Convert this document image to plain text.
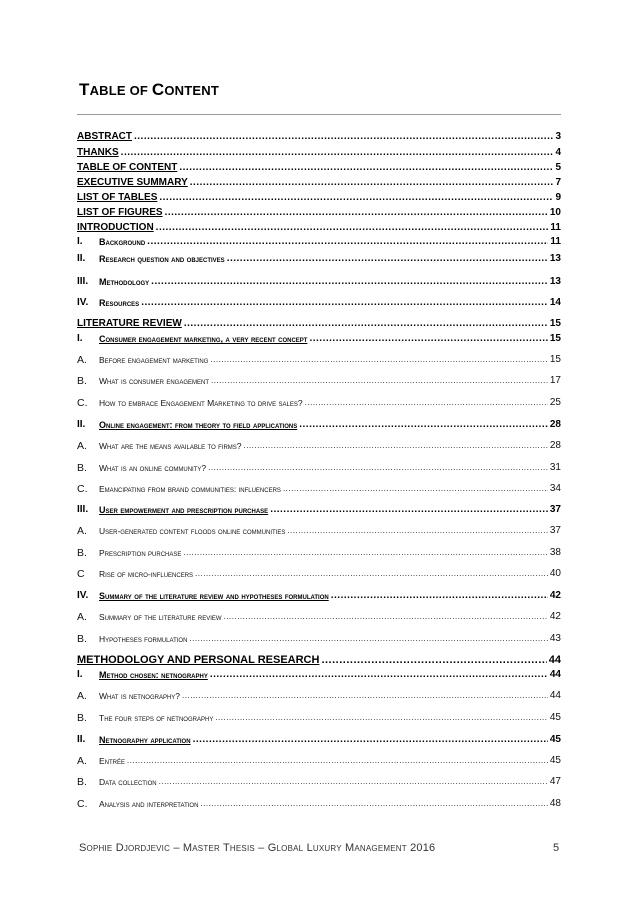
TABLE OF CONTENT
ABSTRACT .....	3
THANKS .....	4
TABLE OF CONTENT .....	5
EXECUTIVE SUMMARY .....	7
LIST OF TABLES .....	9
LIST OF FIGURES .....	10
INTRODUCTION .....	11
I.	Background .....	11
II.	Research question and objectives .....	13
III.	Methodology .....	13
IV.	Resources .....	14
LITERATURE REVIEW .....	15
I.	Consumer engagement marketing, a very recent concept .....	15
A.	Before engagement marketing .....	15
B.	What is consumer engagement .....	17
C.	How to embrace Engagement Marketing to drive sales? .....	25
II.	Online engagement: from theory to field applications .....	28
A.	What are the means available to firms? .....	28
B.	What is an online community? .....	31
C.	Emancipating from brand communities: influencers .....	34
III.	User empowerment and prescription purchase .....	37
A.	User-generated content floods online communities .....	37
B.	Prescription purchase .....	38
C	Rise of micro-influencers .....	40
IV.	Summary of the literature review and hypotheses formulation .....	42
A.	Summary of the literature review .....	42
B.	Hypotheses formulation .....	43
METHODOLOGY AND PERSONAL RESEARCH .....	44
I.	Method chosen: netnography .....	44
A.	What is netnography? .....	44
B.	The four steps of netnography .....	45
II.	Netnography application .....	45
A.	Entrée .....	45
B.	Data collection .....	47
C.	Analysis and interpretation .....	48
Sophie Djordjevic – Master Thesis – Global Luxury Management 2016	5
